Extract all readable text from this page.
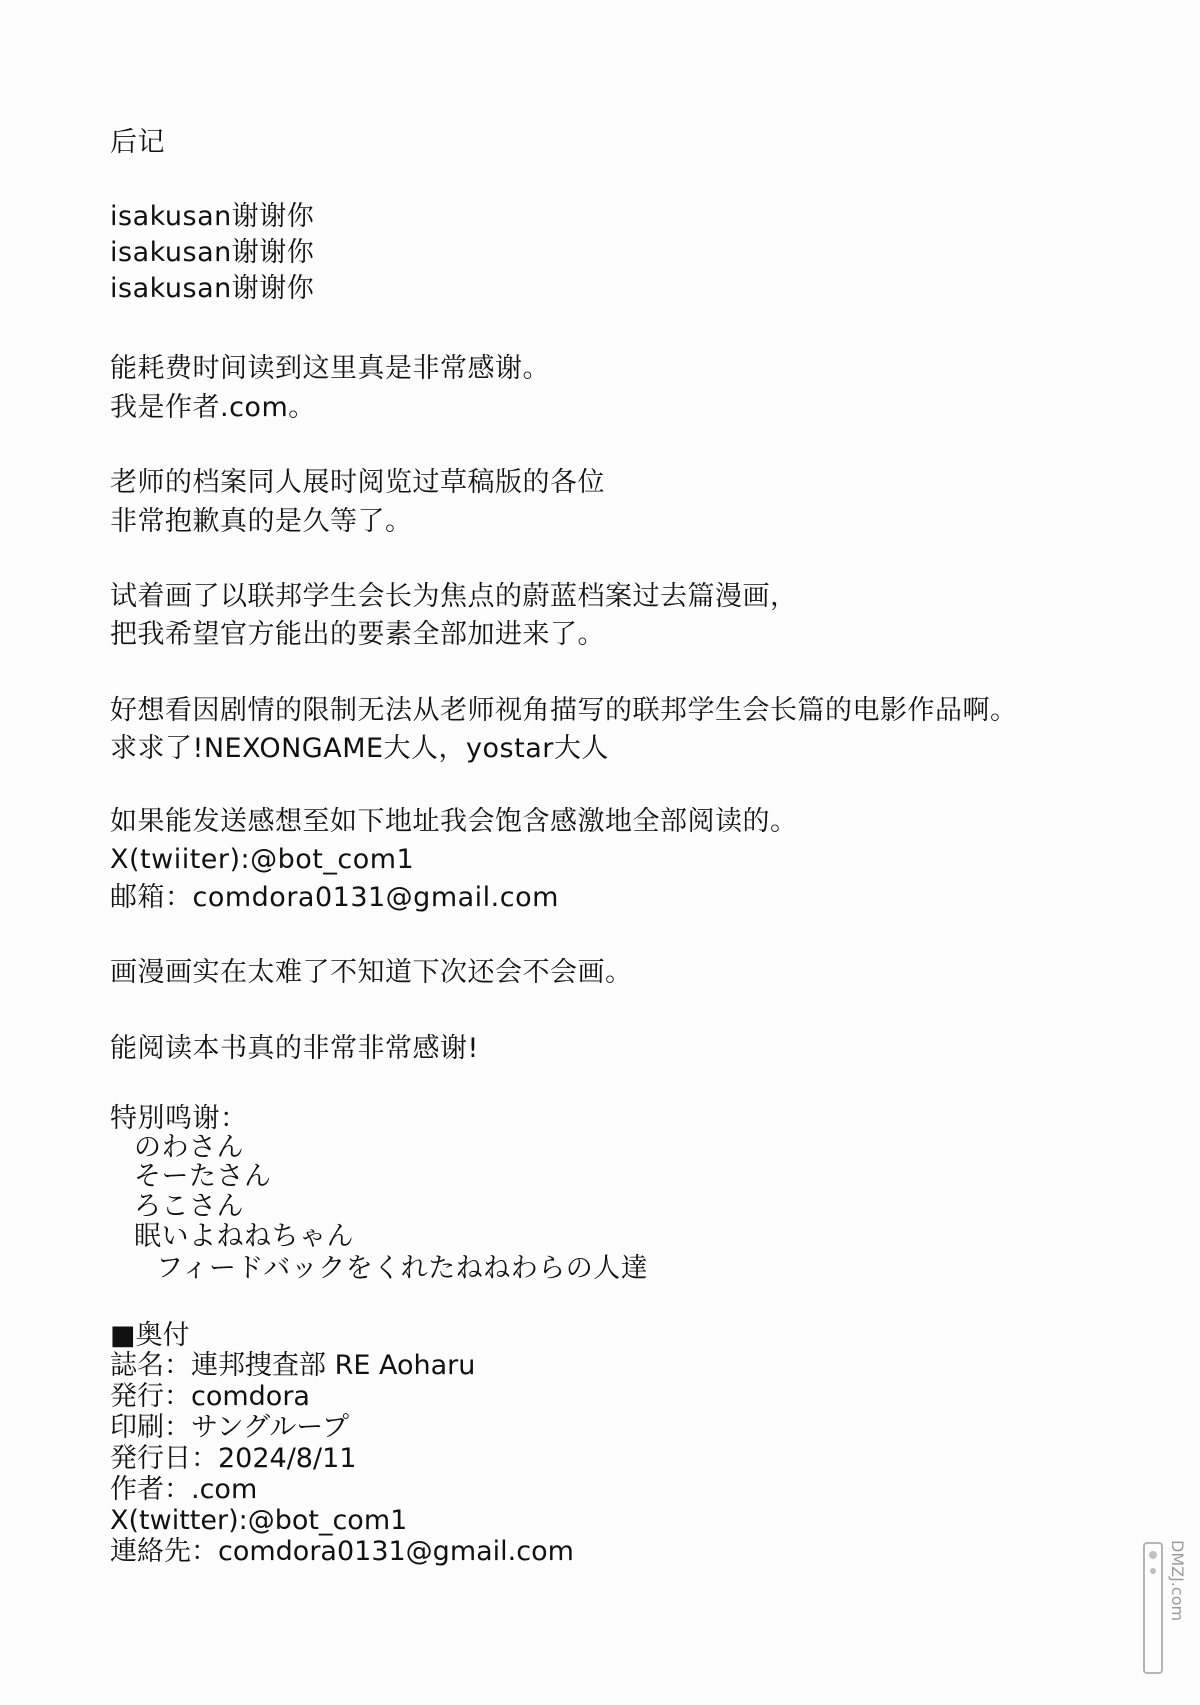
后记
isakusan谢谢你
isakusan谢谢你
isakusan谢谢你
能耗费时间读到这里真是非常感谢。
我是作者.com。
老师的档案同人展时阅览过草稿版的各位
非常抱歉真的是久等了。
试着画了以联邦学生会长为焦点的蔚蓝档案过去篇漫画，
把我希望官方能出的要素全部加进来了。
好想看因剧情的限制无法从老师视角描写的联邦学生会长篇的电影作品啊。
求求了!NEXONGAME大人，yostar大人
如果能发送感想至如下地址我会饱含感激地全部阅读的。
X(twiiter):@bot_com1
邮箱：comdora0131@gmail.com
画漫画实在太难了不知道下次还会不会画。
能阅读本书真的非常非常感谢!
特別鸣谢：
のわさん
そーたさん
ろこさん
眠いよねねちゃん
フィードバックをくれたねねわらの人達
■奥付
誌名：連邦捜査部 RE Aoharu
発行：comdora
印刷：サングループ
発行日：2024/8/11
作者：.com
X(twitter):@bot_com1
連絡先：comdora0131@gmail.com	DMZJ.com
